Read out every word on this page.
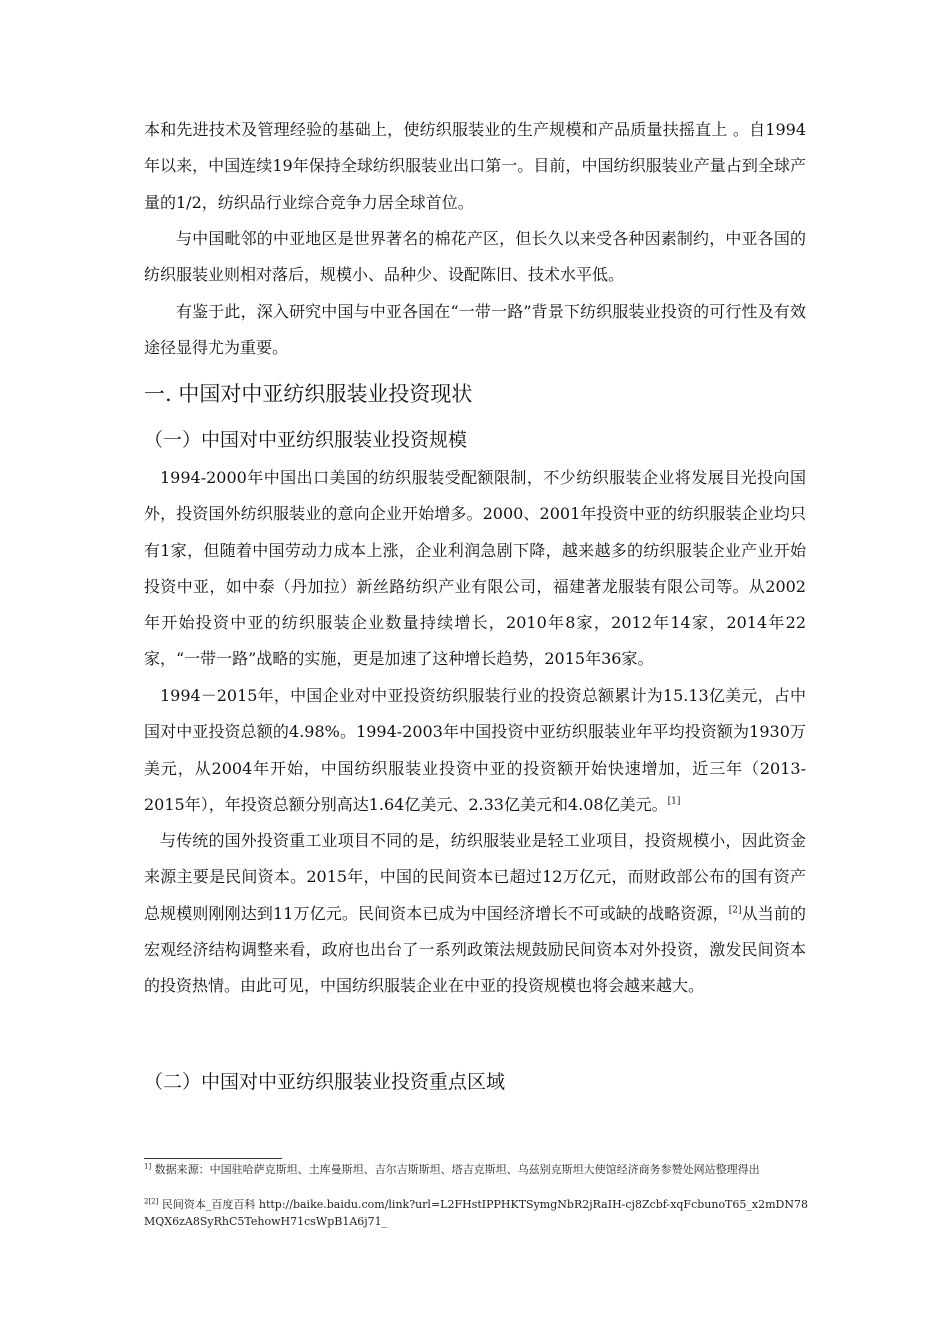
本和先进技术及管理经验的基础上，使纺织服装业的生产规模和产品质量扶摇直上 。自1994年以来，中国连续19年保持全球纺织服装业出口第一。目前，中国纺织服装业产量占到全球产量的1/2，纺织品行业综合竞争力居全球首位。

与中国毗邻的中亚地区是世界著名的棉花产区，但长久以来受各种因素制约，中亚各国的纺织服装业则相对落后，规模小、品种少、设配陈旧、技术水平低。

有鉴于此，深入研究中国与中亚各国在“一带一路”背景下纺织服装业投资的可行性及有效途径显得尤为重要。

一. 中国对中亚纺织服装业投资现状
（一）中国对中亚纺织服装业投资规模

1994-2000年中国出口美国的纺织服装受配额限制，不少纺织服装企业将发展目光投向国外，投资国外纺织服装业的意向企业开始增多。2000、2001年投资中亚的纺织服装企业均只有1家，但随着中国劳动力成本上涨，企业利润急剧下降，越来越多的纺织服装企业产业开始投资中亚，如中泰（丹加拉）新丝路纺织产业有限公司，福建著龙服装有限公司等。从2002年开始投资中亚的纺织服装企业数量持续增长，2010年8家，2012年14家，2014年22家，“一带一路”战略的实施，更是加速了这种增长趋势，2015年36家。

1994－2015年，中国企业对中亚投资纺织服装行业的投资总额累计为15.13亿美元，占中国对中亚投资总额的4.98%。1994-2003年中国投资中亚纺织服装业年平均投资额为1930万美元，从2004年开始，中国纺织服装业投资中亚的投资额开始快速增加，近三年（2013-2015年），年投资总额分别高达1.64亿美元、2.33亿美元和4.08亿美元。[1]

与传统的国外投资重工业项目不同的是，纺织服装业是轻工业项目，投资规模小，因此资金来源主要是民间资本。2015年，中国的民间资本已超过12万亿元，而财政部公布的国有资产总规模则刚刚达到11万亿元。民间资本已成为中国经济增长不可或缺的战略资源，[2]从当前的宏观经济结构调整来看，政府也出台了一系列政策法规鼓励民间资本对外投资，激发民间资本的投资热情。由此可见，中国纺织服装企业在中亚的投资规模也将会越来越大。

（二）中国对中亚纺织服装业投资重点区域

$^{1]}$ 数据来源：中国驻哈萨克斯坦、土库曼斯坦、吉尔吉斯斯坦、塔吉克斯坦、乌兹别克斯坦大使馆经济商务参赞处网站整理得出

$^{2[2]}$ 民间资本_百度百科 http://baike.baidu.com/link?url=L2FHstIPPHKTSymgNbR2jRaIH-cj8Zcbf-xqFcbunoT65_x2mDN78MQX6zA8SyRhC5TehowH71csWpB1A6j71_
